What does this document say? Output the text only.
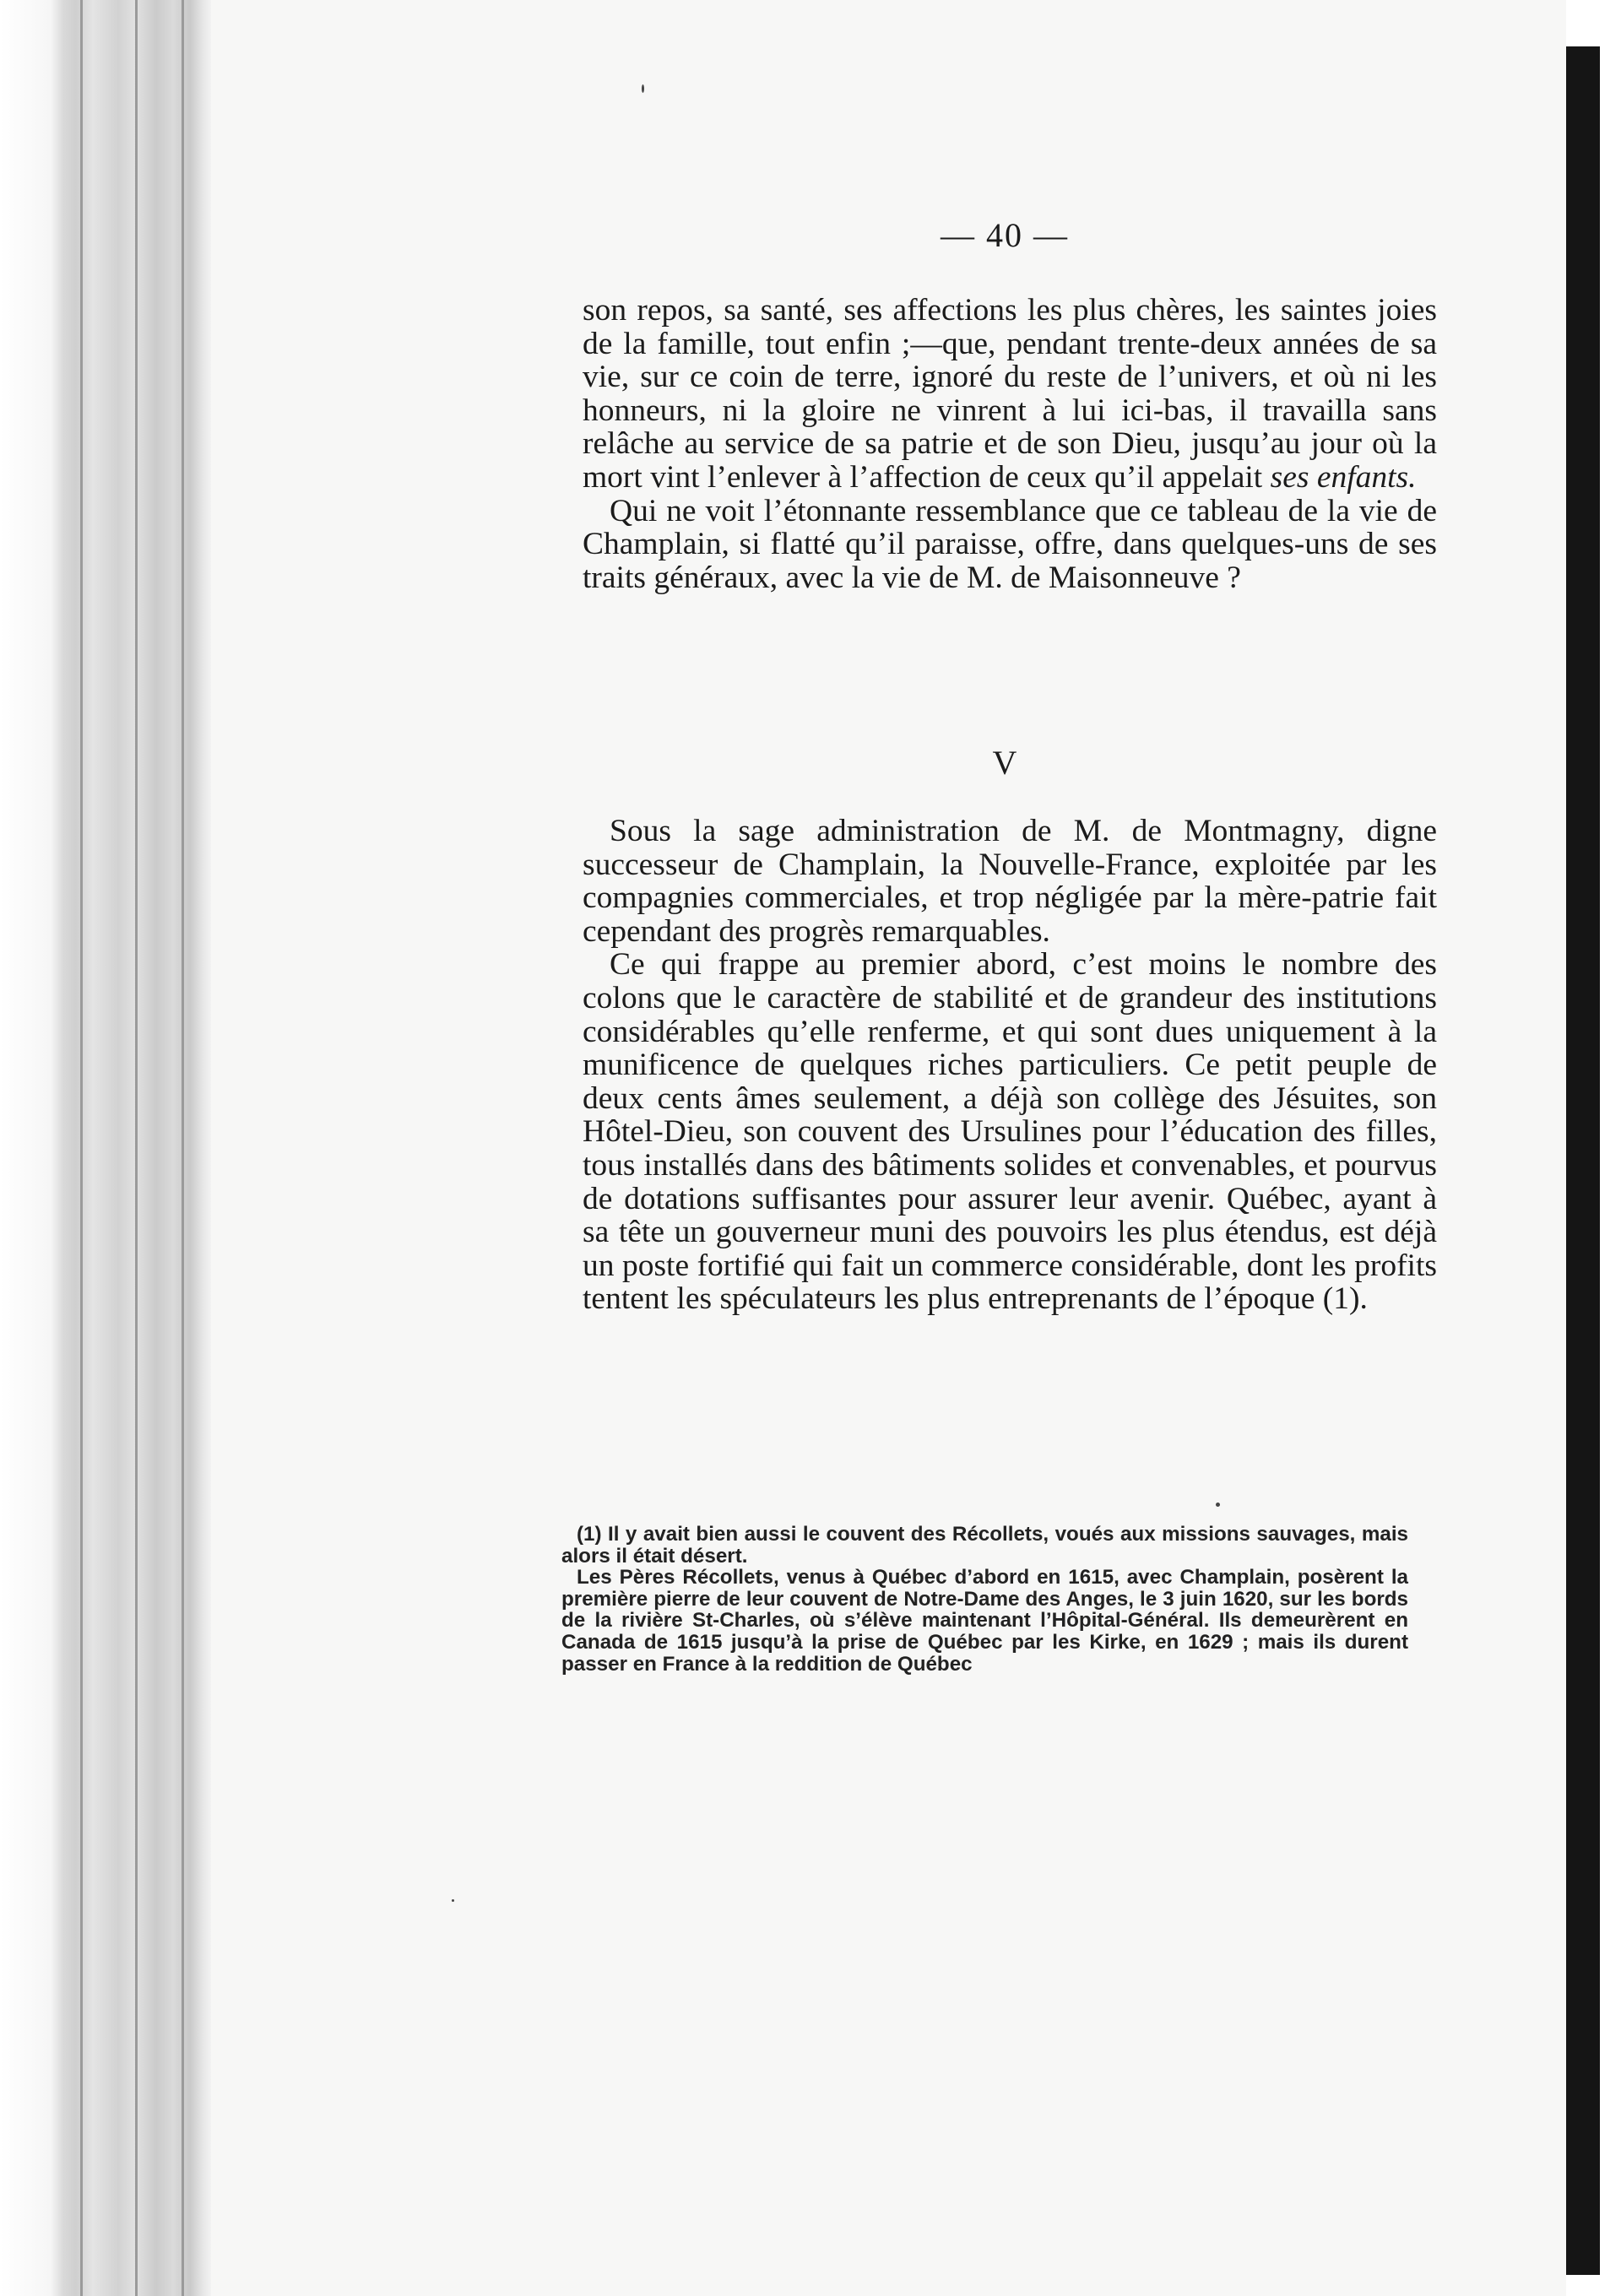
— 40 —

son repos, sa santé, ses affections les plus chères, les saintes joies de la famille, tout enfin ;—que, pendant trente-deux années de sa vie, sur ce coin de terre, ignoré du reste de l’univers, et où ni les honneurs, ni la gloire ne vinrent à lui ici-bas, il travailla sans relâche au service de sa patrie et de son Dieu, jusqu’au jour où la mort vint l’enlever à l’affection de ceux qu’il appelait ses enfants.

Qui ne voit l’étonnante ressemblance que ce tableau de la vie de Champlain, si flatté qu’il paraisse, offre, dans quelques-uns de ses traits généraux, avec la vie de M. de Maisonneuve ?

V

Sous la sage administration de M. de Montmagny, digne successeur de Champlain, la Nouvelle-France, exploitée par les compagnies commerciales, et trop négligée par la mère-patrie fait cependant des progrès remarquables.

Ce qui frappe au premier abord, c’est moins le nombre des colons que le caractère de stabilité et de grandeur des institutions considérables qu’elle renferme, et qui sont dues uniquement à la munificence de quelques riches particuliers. Ce petit peuple de deux cents âmes seulement, a déjà son collège des Jésuites, son Hôtel-Dieu, son couvent des Ursulines pour l’éducation des filles, tous installés dans des bâtiments solides et convenables, et pourvus de dotations suffisantes pour assurer leur avenir. Québec, ayant à sa tête un gouverneur muni des pouvoirs les plus étendus, est déjà un poste fortifié qui fait un commerce considérable, dont les profits tentent les spéculateurs les plus entreprenants de l’époque (1).

(1) Il y avait bien aussi le couvent des Récollets, voués aux missions sauvages, mais alors il était désert.

Les Pères Récollets, venus à Québec d’abord en 1615, avec Champlain, posèrent la première pierre de leur couvent de Notre-Dame des Anges, le 3 juin 1620, sur les bords de la rivière St-Charles, où s’élève maintenant l’Hôpital-Général. Ils demeurèrent en Canada de 1615 jusqu’à la prise de Québec par les Kirke, en 1629 ; mais ils durent passer en France à la reddition de Québec
